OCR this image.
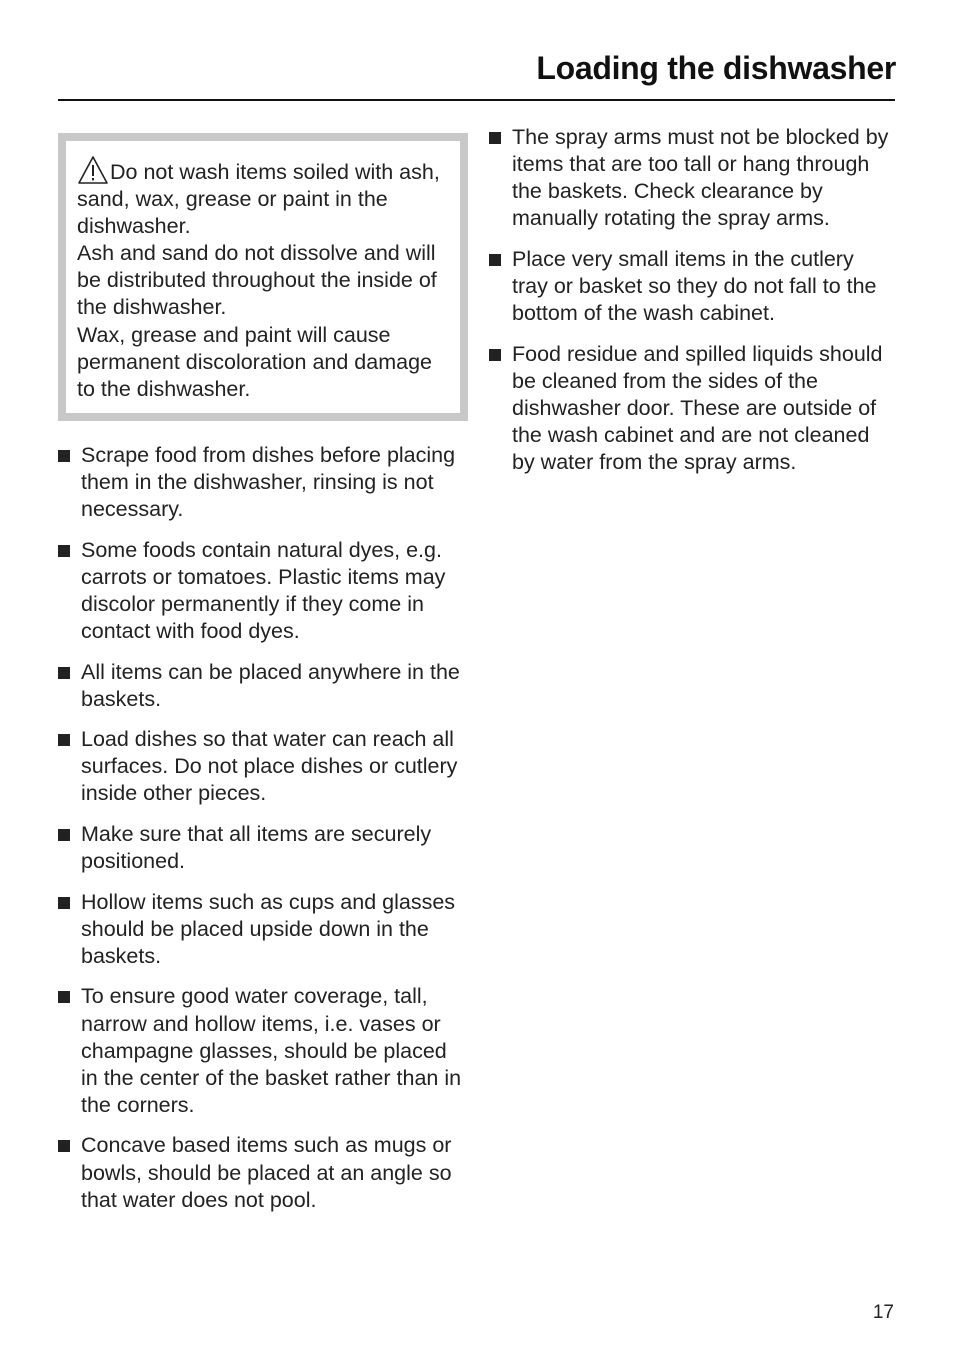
Loading the dishwasher

Do not wash items soiled with ash, sand, wax, grease or paint in the dishwasher.

Ash and sand do not dissolve and will be distributed throughout the inside of the dishwasher.

Wax, grease and paint will cause permanent discoloration and damage to the dishwasher.

Scrape food from dishes before placing them in the dishwasher, rinsing is not necessary.
Some foods contain natural dyes, e.g. carrots or tomatoes. Plastic items may discolor permanently if they come in contact with food dyes.
All items can be placed anywhere in the baskets.
Load dishes so that water can reach all surfaces. Do not place dishes or cutlery inside other pieces.
Make sure that all items are securely positioned.
Hollow items such as cups and glasses should be placed upside down in the baskets.
To ensure good water coverage, tall, narrow and hollow items, i.e. vases or champagne glasses, should be placed in the center of the basket rather than in the corners.
Concave based items such as mugs or bowls, should be placed at an angle so that water does not pool.
The spray arms must not be blocked by items that are too tall or hang through the baskets. Check clearance by manually rotating the spray arms.
Place very small items in the cutlery tray or basket so they do not fall to the bottom of the wash cabinet.
Food residue and spilled liquids should be cleaned from the sides of the dishwasher door. These are outside of the wash cabinet and are not cleaned by water from the spray arms.
17
